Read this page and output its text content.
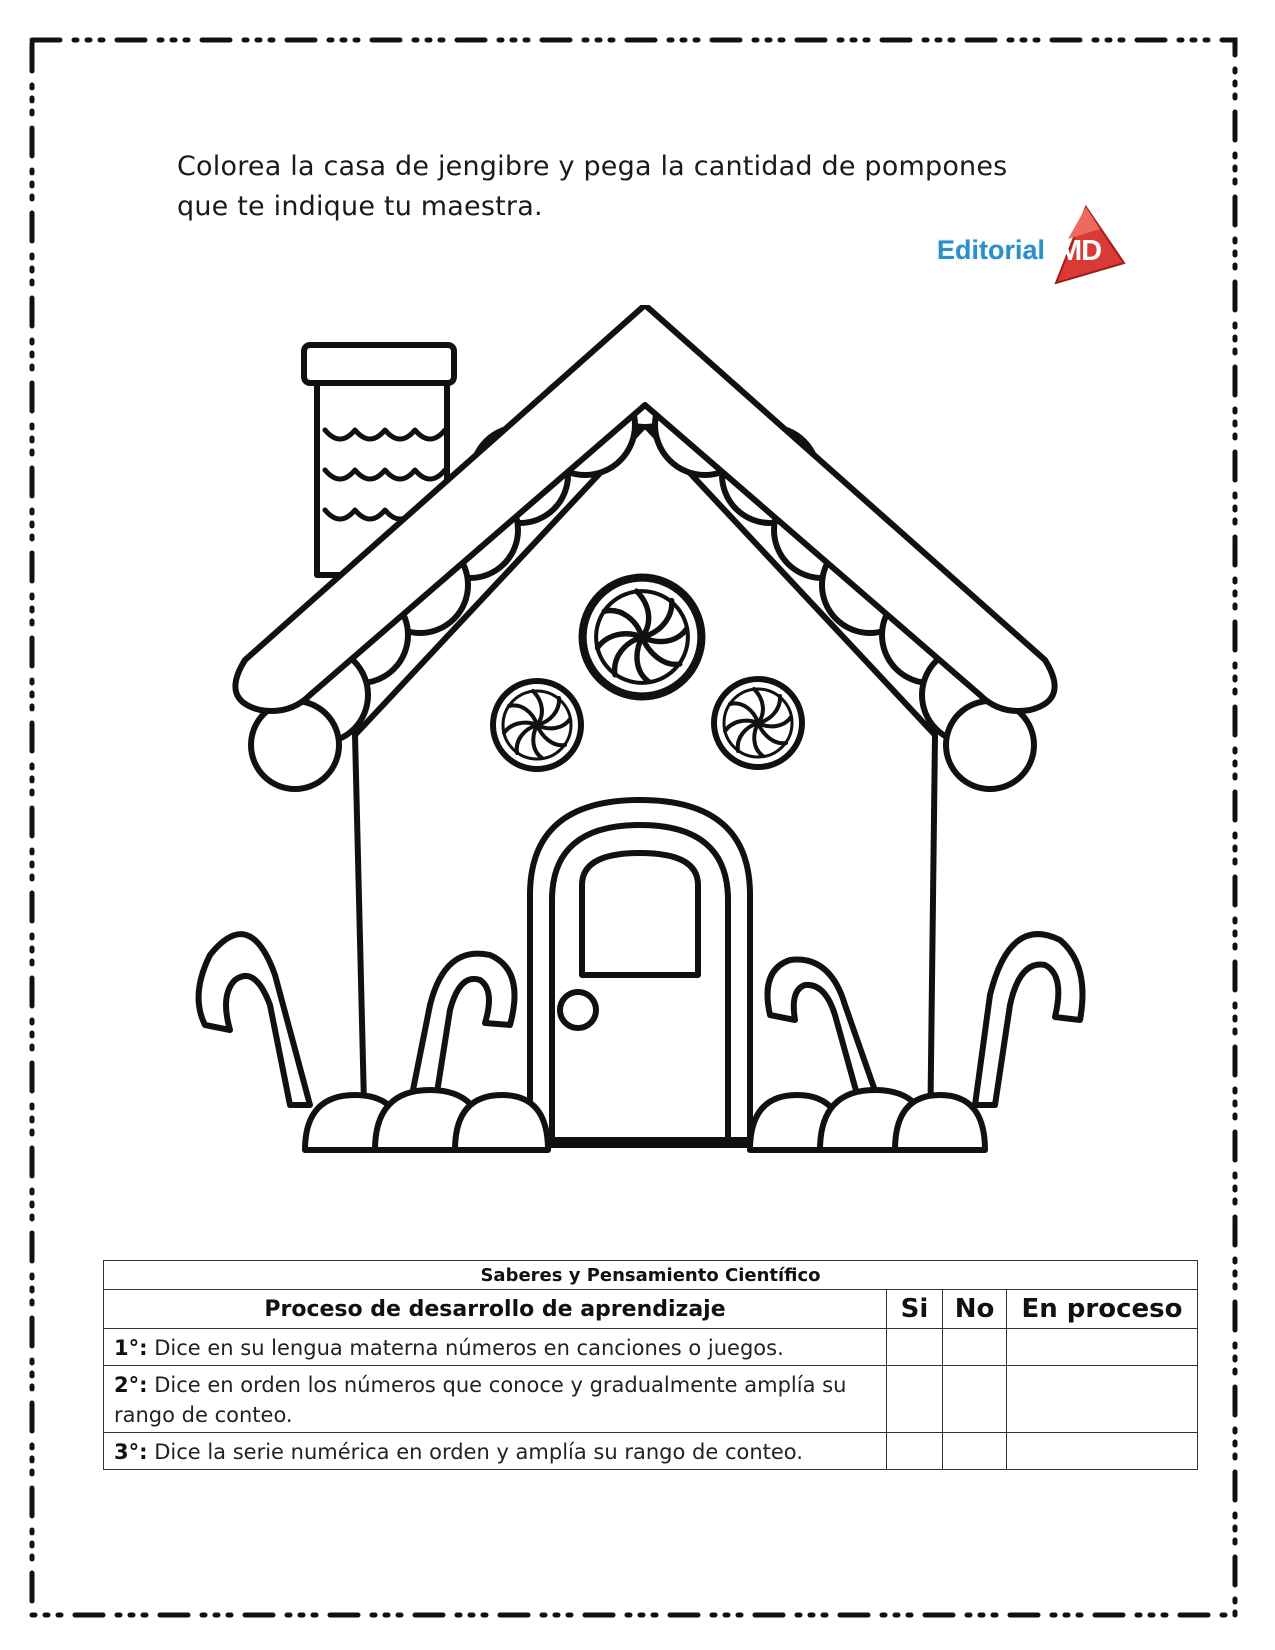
Colorea la casa de jengibre y pega la cantidad de pompones
que te indique tu maestra.
Editorial MD
Saberes y Pensamiento Científico			
Proceso de desarrollo de aprendizaje	Si	No	En proceso
1°: Dice en su lengua materna números en canciones o juegos.			
2°: Dice en orden los números que conoce y gradualmente amplía su rango de conteo.			
3°: Dice la serie numérica en orden y amplía su rango de conteo.			
